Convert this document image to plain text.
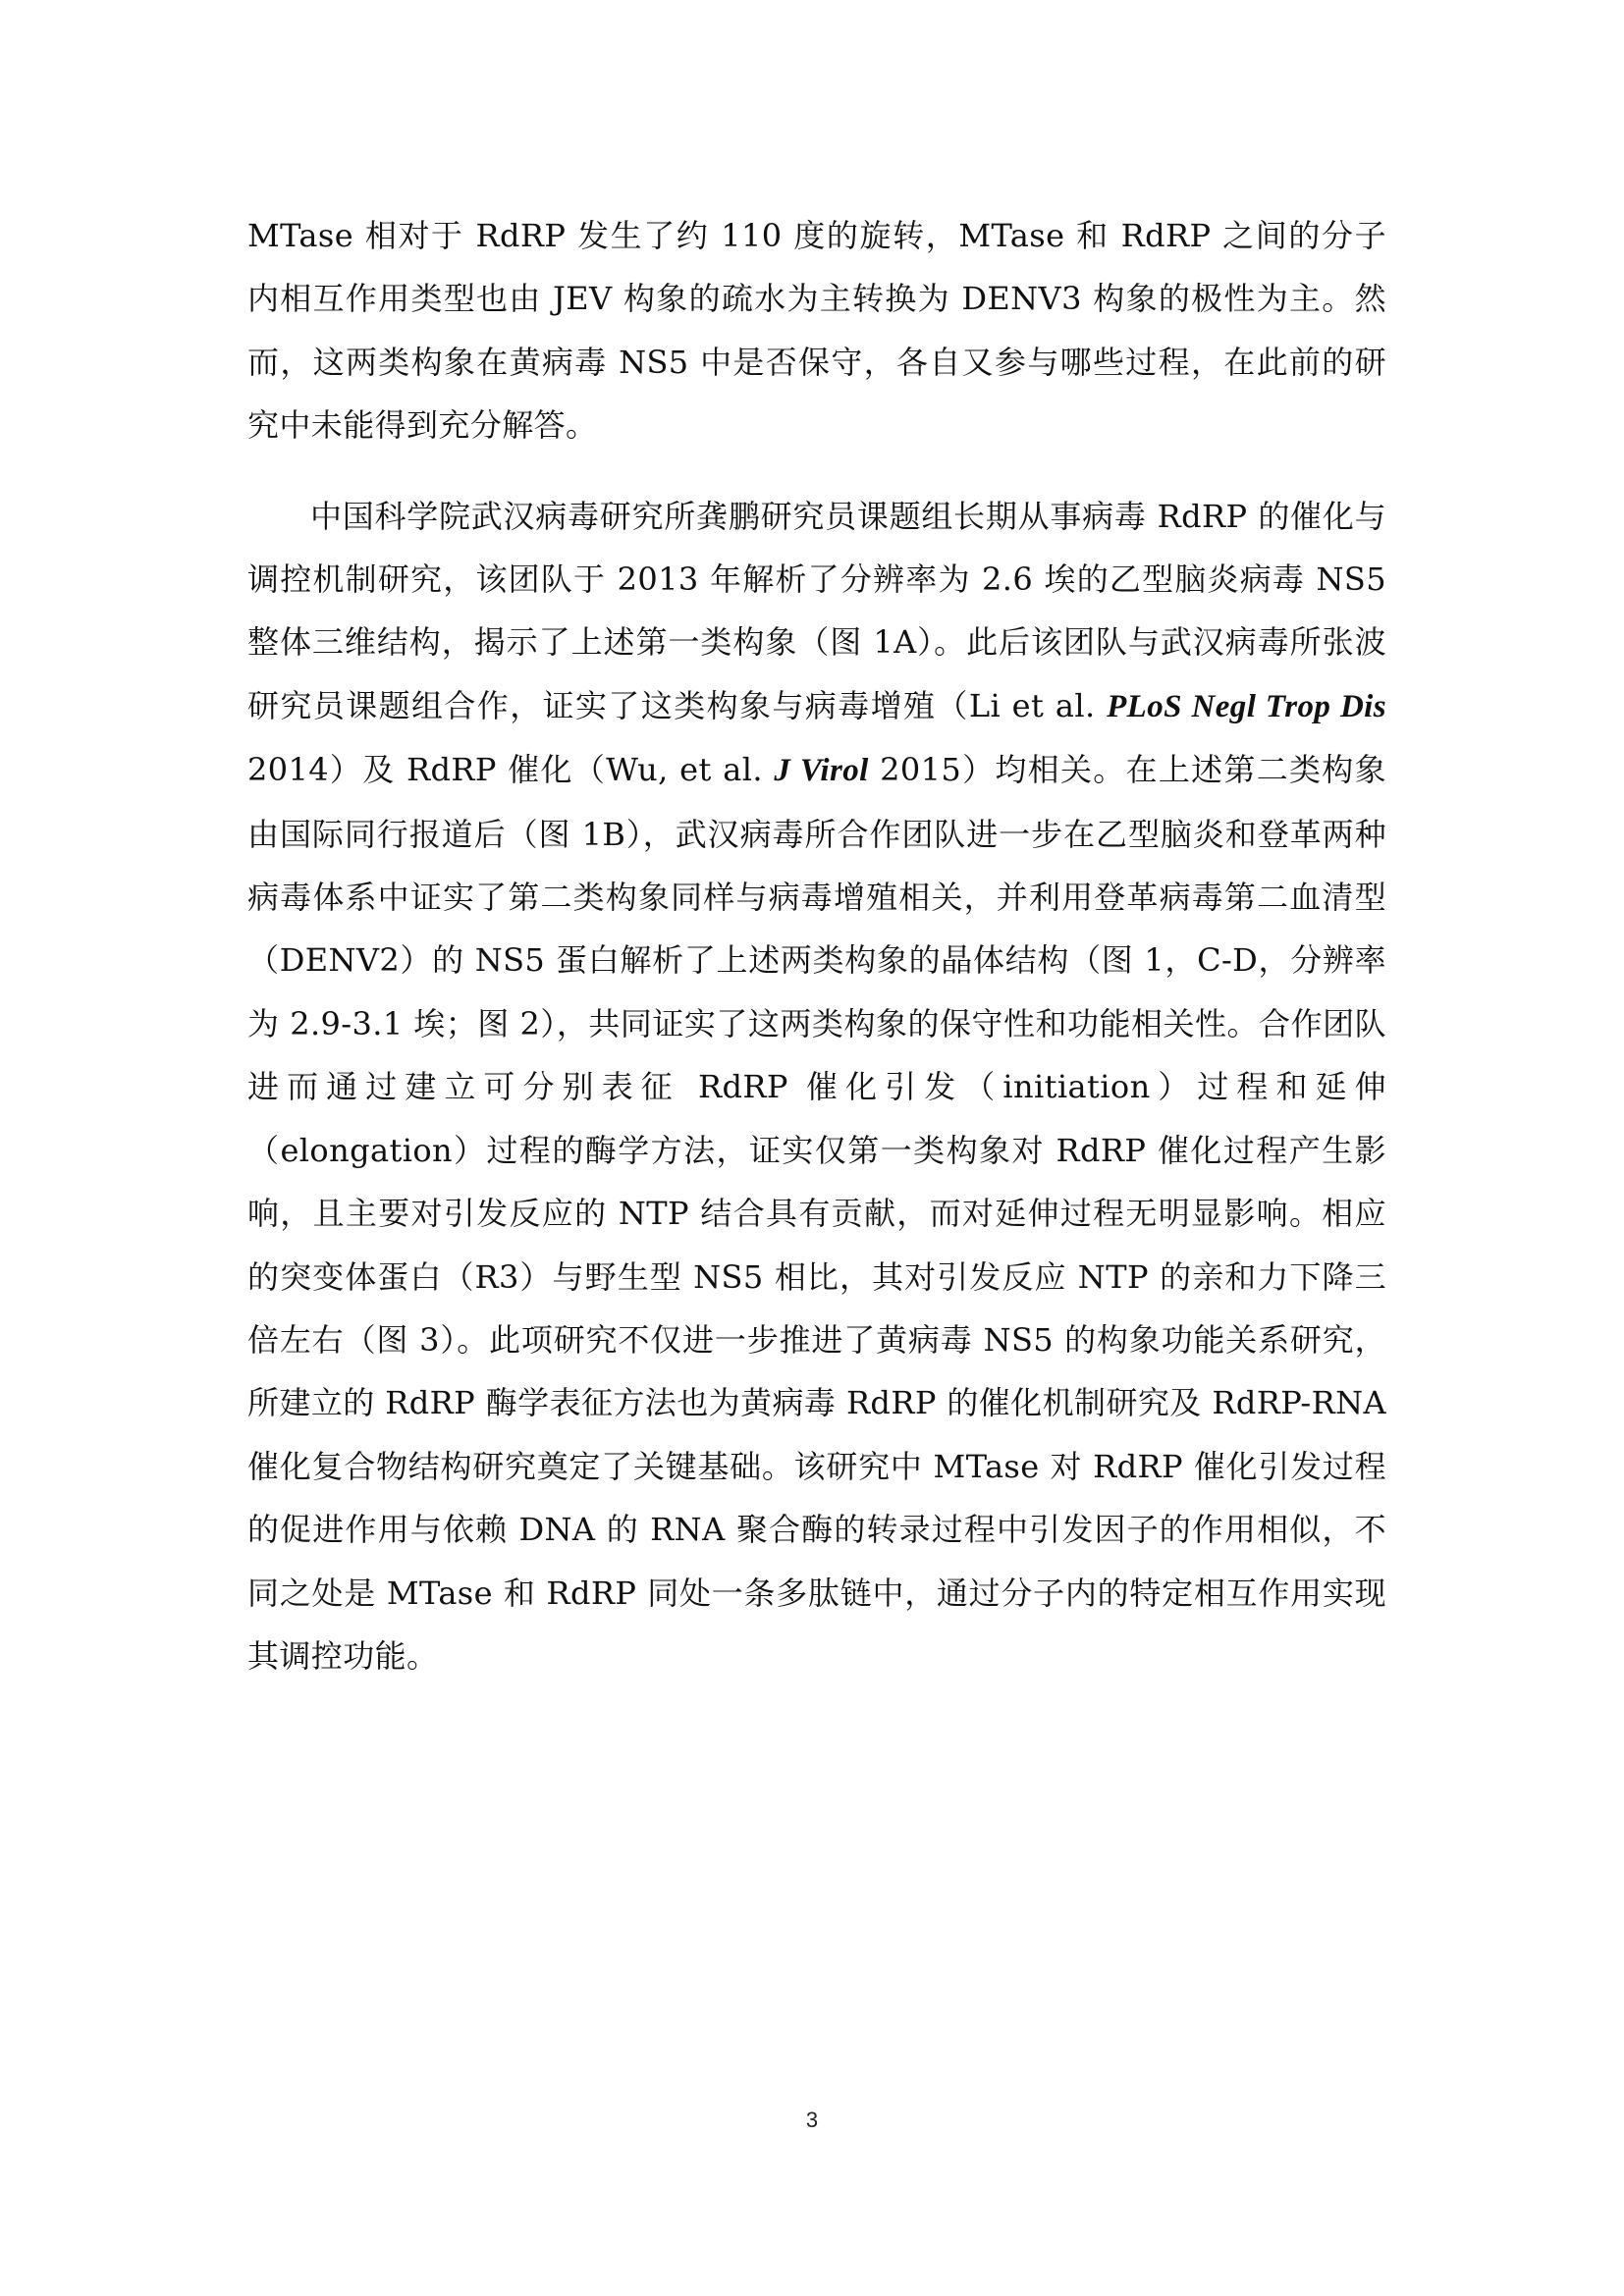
MTase 相对于 RdRP 发生了约 110 度的旋转，MTase 和 RdRP 之间的分子内相互作用类型也由 JEV 构象的疏水为主转换为 DENV3 构象的极性为主。然而，这两类构象在黄病毒 NS5 中是否保守，各自又参与哪些过程，在此前的研究中未能得到充分解答。

中国科学院武汉病毒研究所龚鹏研究员课题组长期从事病毒 RdRP 的催化与调控机制研究，该团队于 2013 年解析了分辨率为 2.6 埃的乙型脑炎病毒 NS5 整体三维结构，揭示了上述第一类构象（图 1A）。此后该团队与武汉病毒所张波研究员课题组合作，证实了这类构象与病毒增殖（Li et al. PLoS Negl Trop Dis 2014）及 RdRP 催化（Wu, et al. J Virol 2015）均相关。在上述第二类构象由国际同行报道后（图 1B），武汉病毒所合作团队进一步在乙型脑炎和登革两种病毒体系中证实了第二类构象同样与病毒增殖相关，并利用登革病毒第二血清型（DENV2）的 NS5 蛋白解析了上述两类构象的晶体结构（图 1，C-D，分辨率为 2.9-3.1 埃；图 2），共同证实了这两类构象的保守性和功能相关性。合作团队进而通过建立可分别表征 RdRP 催化引发（initiation）过程和延伸（elongation）过程的酶学方法，证实仅第一类构象对 RdRP 催化过程产生影响，且主要对引发反应的 NTP 结合具有贡献，而对延伸过程无明显影响。相应的突变体蛋白（R3）与野生型 NS5 相比，其对引发反应 NTP 的亲和力下降三倍左右（图 3）。此项研究不仅进一步推进了黄病毒 NS5 的构象功能关系研究，所建立的 RdRP 酶学表征方法也为黄病毒 RdRP 的催化机制研究及 RdRP-RNA 催化复合物结构研究奠定了关键基础。该研究中 MTase 对 RdRP 催化引发过程的促进作用与依赖 DNA 的 RNA 聚合酶的转录过程中引发因子的作用相似，不同之处是 MTase 和 RdRP 同处一条多肽链中，通过分子内的特定相互作用实现其调控功能。

3
